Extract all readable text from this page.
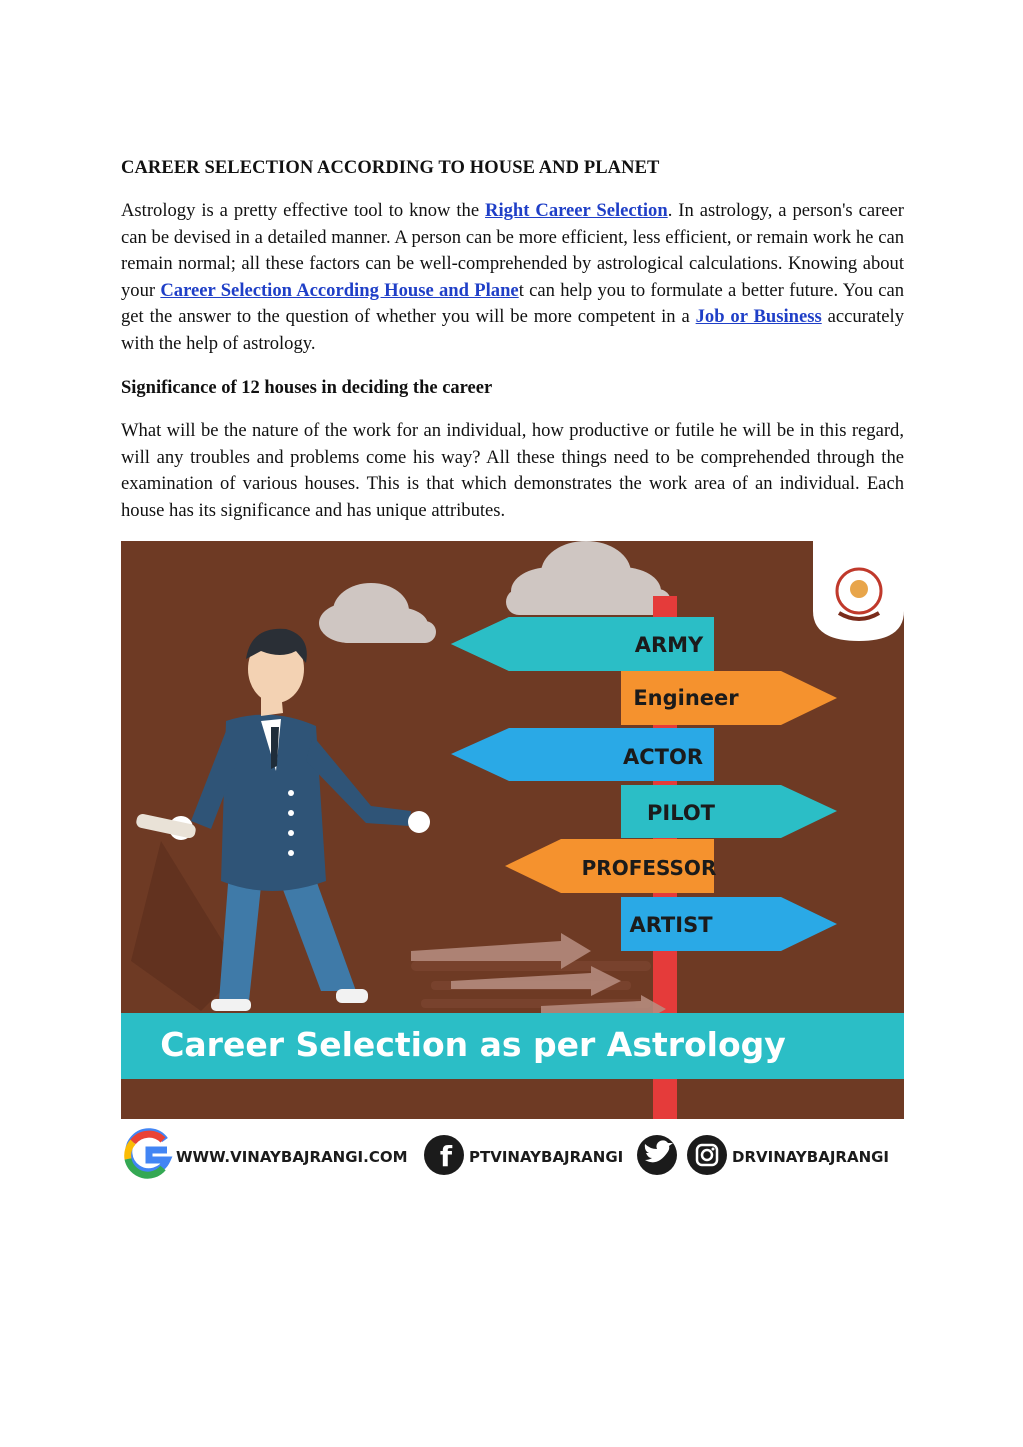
CAREER SELECTION ACCORDING TO HOUSE AND PLANET

Astrology is a pretty effective tool to know the Right Career Selection. In astrology, a person's career can be devised in a detailed manner. A person can be more efficient, less efficient, or remain work he can remain normal; all these factors can be well-comprehended by astrological calculations. Knowing about your Career Selection According House and Planet can help you to formulate a better future. You can get the answer to the question of whether you will be more competent in a Job or Business accurately with the help of astrology.

Significance of 12 houses in deciding the career

What will be the nature of the work for an individual, how productive or futile he will be in this regard, will any troubles and problems come his way? All these things need to be comprehended through the examination of various houses. This is that which demonstrates the work area of an individual. Each house has its significance and has unique attributes.

ARMY
Engineer
ACTOR
PILOT
PROFESSOR
ARTIST
Career Selection as per Astrology
WWW.VINAYBAJRANGI.COM f PTVINAYBAJRANGI	DRVINAYBAJRANGI
